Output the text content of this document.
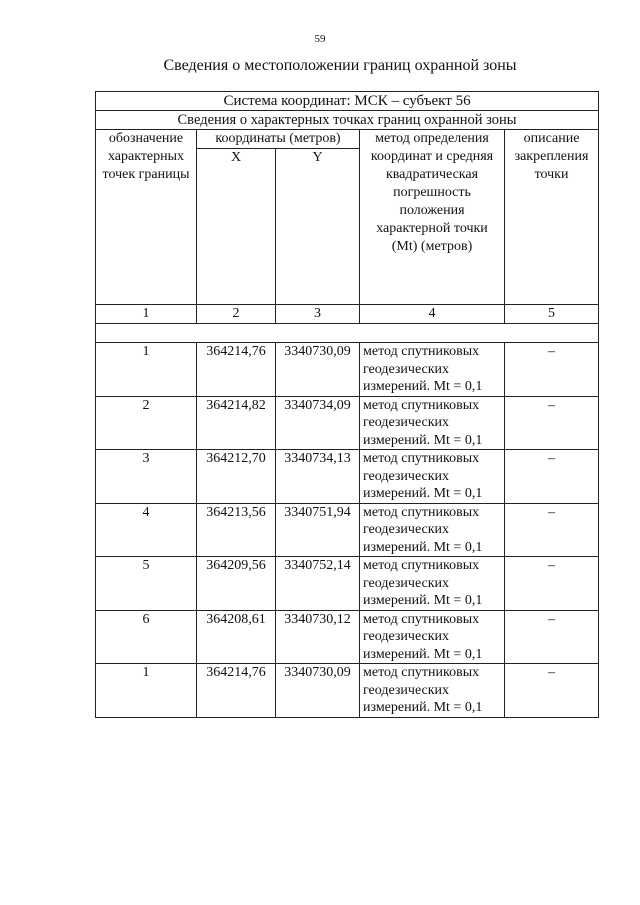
59
Сведения о местоположении границ охранной зоны
Система координат: МСК – субъект 56				
Сведения о характерных точках границ охранной зоны				
обозначение характерных точек границы	координаты (метров)		метод определения координат и средняя квадратическая погрешность положения характерной точки (Mt) (метров)	описание закрепления точки
	X	Y		
1	2	3	4	5

1	364214,76	3340730,09	метод спутниковых геодезических измерений. Mt = 0,1	–
2	364214,82	3340734,09	метод спутниковых геодезических измерений. Mt = 0,1	–
3	364212,70	3340734,13	метод спутниковых геодезических измерений. Mt = 0,1	–
4	364213,56	3340751,94	метод спутниковых геодезических измерений. Mt = 0,1	–
5	364209,56	3340752,14	метод спутниковых геодезических измерений. Mt = 0,1	–
6	364208,61	3340730,12	метод спутниковых геодезических измерений. Mt = 0,1	–
1	364214,76	3340730,09	метод спутниковых геодезических измерений. Mt = 0,1	–
